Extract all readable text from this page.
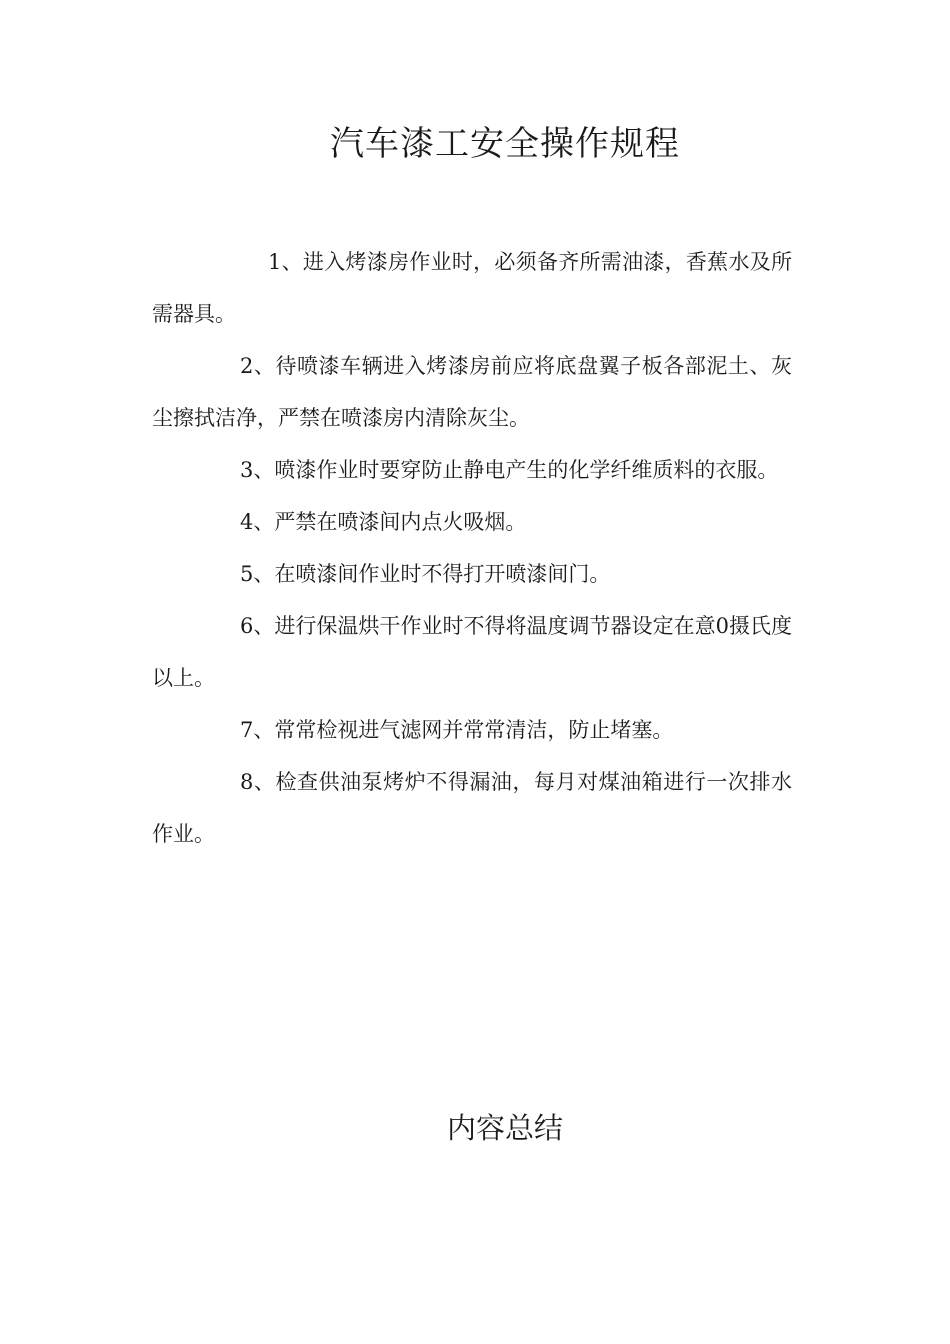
汽车漆工安全操作规程
1、进入烤漆房作业时，必须备齐所需油漆，香蕉水及所需器具。
2、待喷漆车辆进入烤漆房前应将底盘翼子板各部泥土、灰尘擦拭洁净，严禁在喷漆房内清除灰尘。
3、喷漆作业时要穿防止静电产生的化学纤维质料的衣服。
4、严禁在喷漆间内点火吸烟。
5、在喷漆间作业时不得打开喷漆间门。
6、进行保温烘干作业时不得将温度调节器设定在意0摄氏度以上。
7、常常检视进气滤网并常常清洁，防止堵塞。
8、检查供油泵烤炉不得漏油，每月对煤油箱进行一次排水作业。
内容总结
